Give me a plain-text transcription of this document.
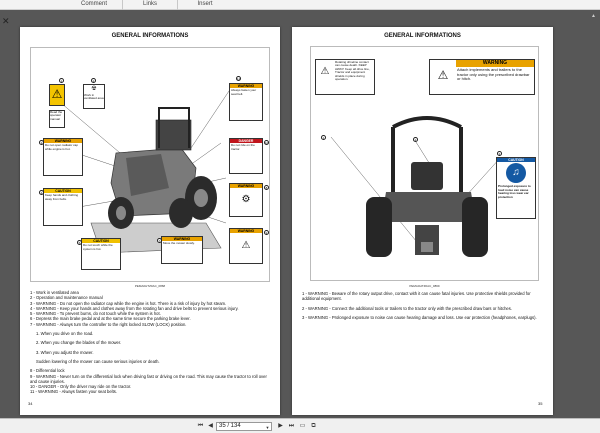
Comment	Links	Insert
✕	▲
GENERAL INFORMATIONS
⚠	☢
Work in ventilated area
Read the operator manual
WARNING
Do not open radiator cap while engine is hot.
CAUTION
Keep hands and clothing away from belts.
CAUTION
Do not touch while the system is hot.
WARNING
Always fasten your seat belt.
DANGER
Do not ride on the tractor.
WARNING
⚙
WARNING
Move the mower slowly.
WARNING
⚠
1	2
3
4
5
11
10
8
9
7
PEMA0HTZ0AC_0868

1 - Work in ventilated area

2 - Operation and maintenance manual

3 - WARNING - Do not open the radiator cap while the engine is hot. There is a risk of injury by hot steam.

4 - WARNING - Keep your hands and clothes away from the rotating fan and drive belts to prevent serious injury.

5 - WARNING - To prevent burns, do not touch while the system is hot.

6 - Depress the main brake pedal and at the same time secure the parking brake lever.

7 - WARNING - Always turn the controller to the right locked SLOW (LOCK) position.

1. When you drive on the road.

2. When you change the blades of the mower.

3. When you adjust the mower.

Sudden lowering of the mower can cause serious injuries or death.

8 - Differential lock

9 - WARNING - Never turn on the differential lock when driving fast or driving on the road. This may cause the tractor to roll over and cause injuries.

10 - DANGER - Only the driver may ride on the tractor.

11 - WARNING - Always fasten your seat belts.

34
GENERAL INFORMATIONS
⚠
Rotating driveline contact can cause death. KEEP AWAY! Keep all drive line, Tractor and equipment shields in place during operation.	⚠
WARNING
Attach implements and trailers to the tractor only using the prescribed drawbar or hitch.
CAUTION
♫
Prolonged exposure to loud noise can cause hearing loss wear ear protection
1	2
3
PEMA0HTZ0AC_0869

1 - WARNING - Beware of the rotary output drive, contact with it can cause fatal injuries. Use protective shields provided for additional equipment.

2 - WARNING - Connect the additional tools or trailers to the tractor only with the prescribed draw bars or hitches.

3 - WARNING - Prolonged exposure to noise can cause hearing damage and loss. Use ear protection (headphones, earplugs).

35
⏮ ◀	35 / 134	▼	▶ ⏭ ▭	⧉
